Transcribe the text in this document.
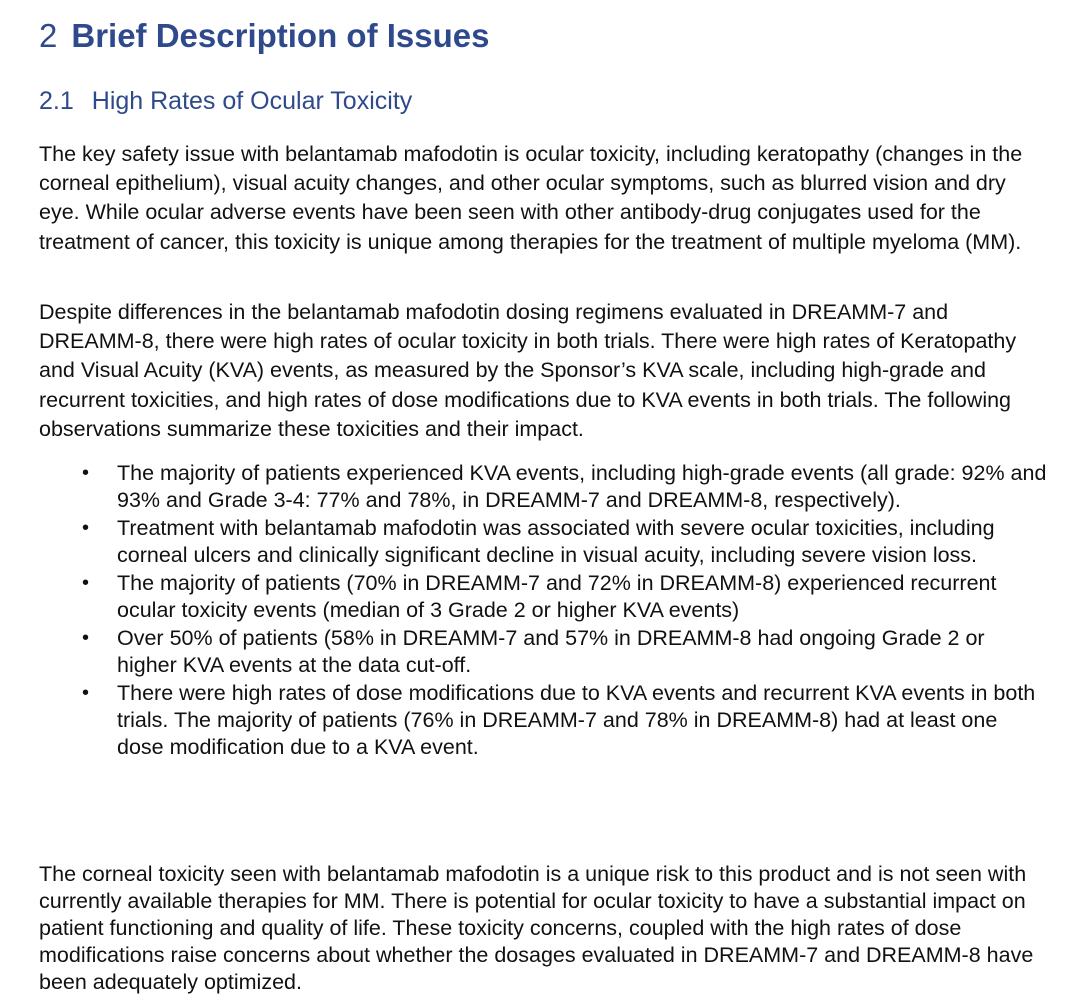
2 Brief Description of Issues
2.1 High Rates of Ocular Toxicity

The key safety issue with belantamab mafodotin is ocular toxicity, including keratopathy (changes in the corneal epithelium), visual acuity changes, and other ocular symptoms, such as blurred vision and dry eye. While ocular adverse events have been seen with other antibody-drug conjugates used for the treatment of cancer, this toxicity is unique among therapies for the treatment of multiple myeloma (MM).

Despite differences in the belantamab mafodotin dosing regimens evaluated in DREAMM-7 and DREAMM-8, there were high rates of ocular toxicity in both trials. There were high rates of Keratopathy and Visual Acuity (KVA) events, as measured by the Sponsor’s KVA scale, including high-grade and recurrent toxicities, and high rates of dose modifications due to KVA events in both trials. The following observations summarize these toxicities and their impact.

• The majority of patients experienced KVA events, including high-grade events (all grade: 92% and 93% and Grade 3-4: 77% and 78%, in DREAMM-7 and DREAMM-8, respectively).
• Treatment with belantamab mafodotin was associated with severe ocular toxicities, including corneal ulcers and clinically significant decline in visual acuity, including severe vision loss.
• The majority of patients (70% in DREAMM-7 and 72% in DREAMM-8) experienced recurrent ocular toxicity events (median of 3 Grade 2 or higher KVA events)
• Over 50% of patients (58% in DREAMM-7 and 57% in DREAMM-8 had ongoing Grade 2 or higher KVA events at the data cut-off.
• There were high rates of dose modifications due to KVA events and recurrent KVA events in both trials. The majority of patients (76% in DREAMM-7 and 78% in DREAMM-8) had at least one dose modification due to a KVA event.

The corneal toxicity seen with belantamab mafodotin is a unique risk to this product and is not seen with currently available therapies for MM. There is potential for ocular toxicity to have a substantial impact on patient functioning and quality of life. These toxicity concerns, coupled with the high rates of dose modifications raise concerns about whether the dosages evaluated in DREAMM-7 and DREAMM-8 have been adequately optimized.
